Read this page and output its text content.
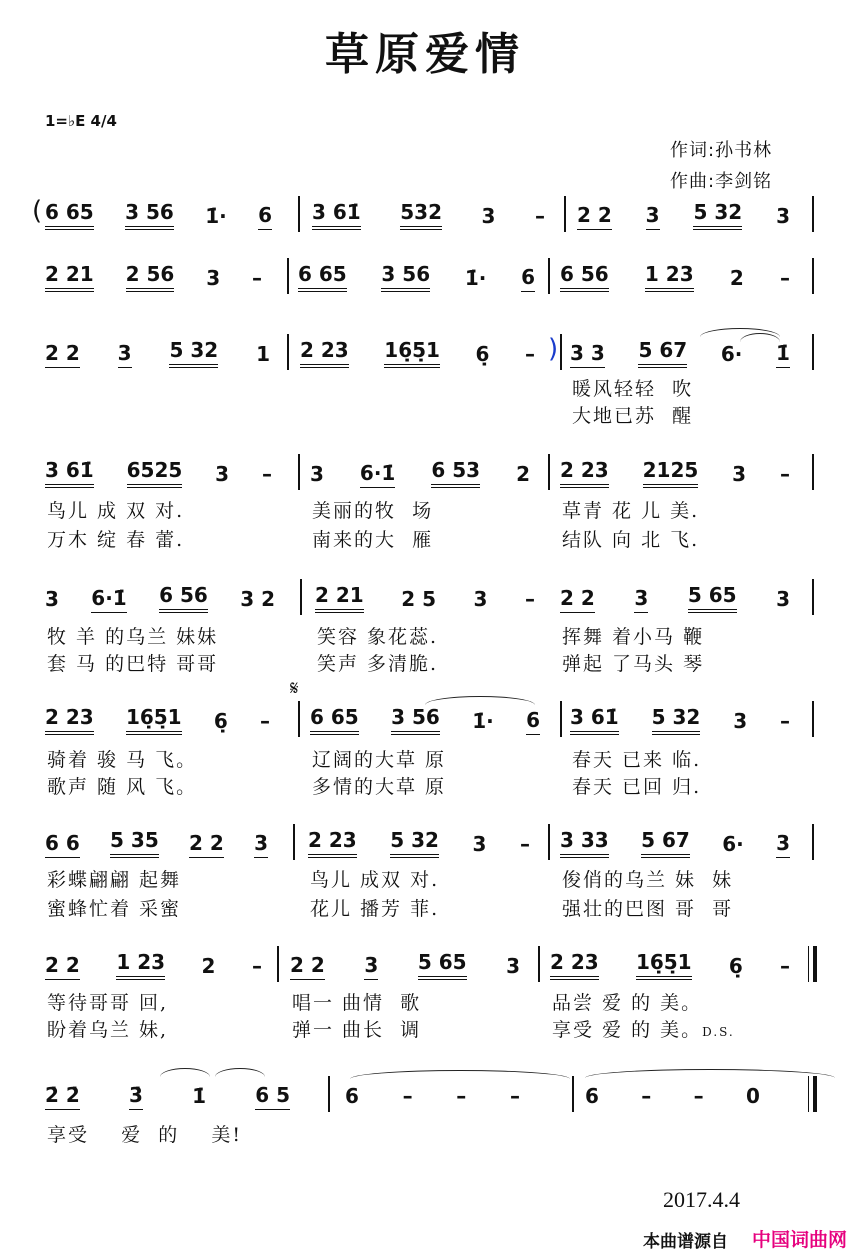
草原爱情
1=♭E 4/4
作词:孙书林
作曲:李剑铭
6 65 3 56 1̇· 6 3 61̇ 532 3 – 2 2 3 5 32 3
2 21 2 56 3 – 6 65 3 56 1̇· 6 6 56 1 23 2 –
2 2 3 5 32 1 2 23 16̣5̣1 6̣ – 3 3 5 67 6· 1̇
暖风轻轻  吹
大地已苏  醒
3 61̇ 6525 3 – 3 6·1̇ 6 53 2 2 23 2125 3 –
鸟儿 成 双 对.	美丽的牧  场	草青 花 儿 美.
万木 绽 春 蕾.	南来的大  雁	结队 向 北 飞.
3 6·1̇ 6 56 3 2 2 21 2 5 3 – 2 2 3 5 65 3
牧 羊 的乌兰 妹妹	笑容 象花蕊.	挥舞 着小马 鞭
套 马 的巴特 哥哥	笑声 多清脆.	弹起 了马头 琴
2 23 16̣5̣1 6̣ – 6 65 3 56 1̇· 6 3 61̇ 5 32 3 –
骑着 骏 马 飞。	辽阔的大草 原	春天 已来 临.
歌声 随 风 飞。	多情的大草 原	春天 已回 归.
6 6 5 35 2 2 3 2 23 5 32 3 – 3 33 5 67 6· 3
彩蝶翩翩 起舞	鸟儿 成双 对.	俊俏的乌兰 妹  妹
蜜蜂忙着 采蜜	花儿 播芳 菲.	强壮的巴图 哥  哥
2 2 1 23 2 – 2 2 3 5 65 3 2 23 16̣5̣1 6̣ –
等待哥哥 回,	唱一 曲情  歌	品尝 爱 的 美。
盼着乌兰 妹,	弹一 曲长  调	享受 爱 的 美。D.S.
2̇ 2̇ 3̇ 1̇ 6 5	6 – – –	6 – – 0
享受    爱  的    美!
(
)
𝄋
2017.4.4
本曲谱源自 中国词曲网
